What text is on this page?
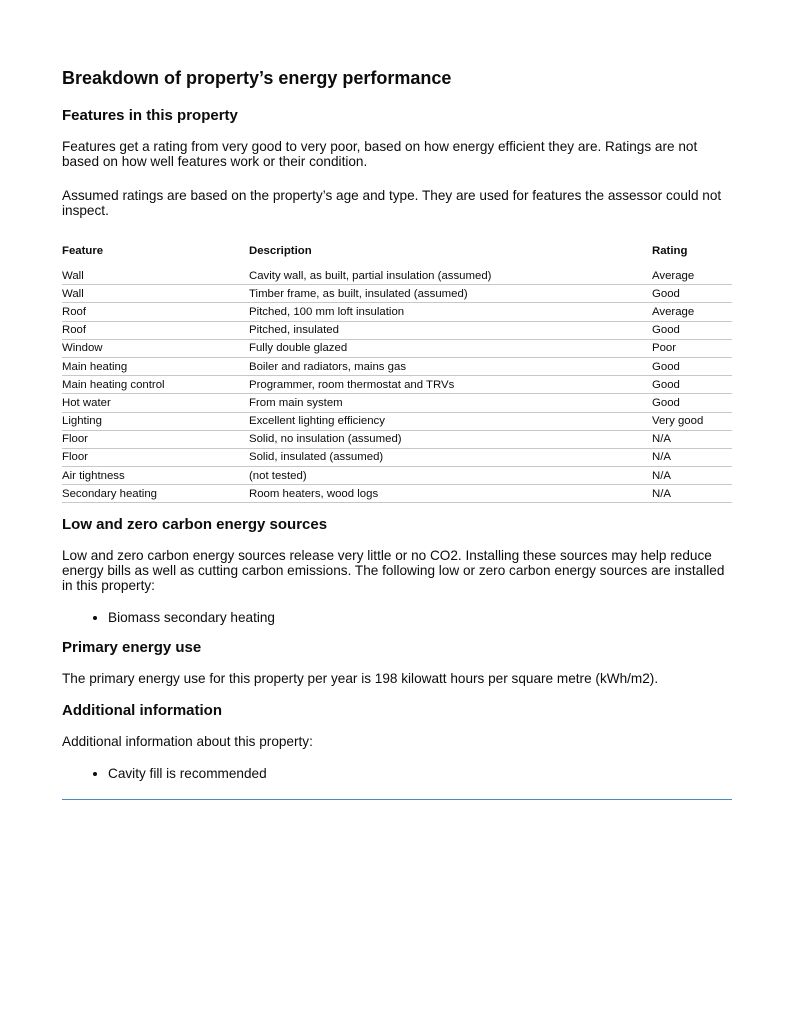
Breakdown of property’s energy performance
Features in this property

Features get a rating from very good to very poor, based on how energy efficient they are. Ratings are not based on how well features work or their condition.

Assumed ratings are based on the property’s age and type. They are used for features the assessor could not inspect.

Feature	Description	Rating

Wall	Cavity wall, as built, partial insulation (assumed)	Average
Wall	Timber frame, as built, insulated (assumed)	Good
Roof	Pitched, 100 mm loft insulation	Average
Roof	Pitched, insulated	Good
Window	Fully double glazed	Poor
Main heating	Boiler and radiators, mains gas	Good
Main heating control	Programmer, room thermostat and TRVs	Good
Hot water	From main system	Good
Lighting	Excellent lighting efficiency	Very good
Floor	Solid, no insulation (assumed)	N/A
Floor	Solid, insulated (assumed)	N/A
Air tightness	(not tested)	N/A
Secondary heating	Room heaters, wood logs	N/A
Low and zero carbon energy sources

Low and zero carbon energy sources release very little or no CO2. Installing these sources may help reduce energy bills as well as cutting carbon emissions. The following low or zero carbon energy sources are installed in this property:

• Biomass secondary heating
Primary energy use

The primary energy use for this property per year is 198 kilowatt hours per square metre (kWh/m2).

Additional information

Additional information about this property:

• Cavity fill is recommended
